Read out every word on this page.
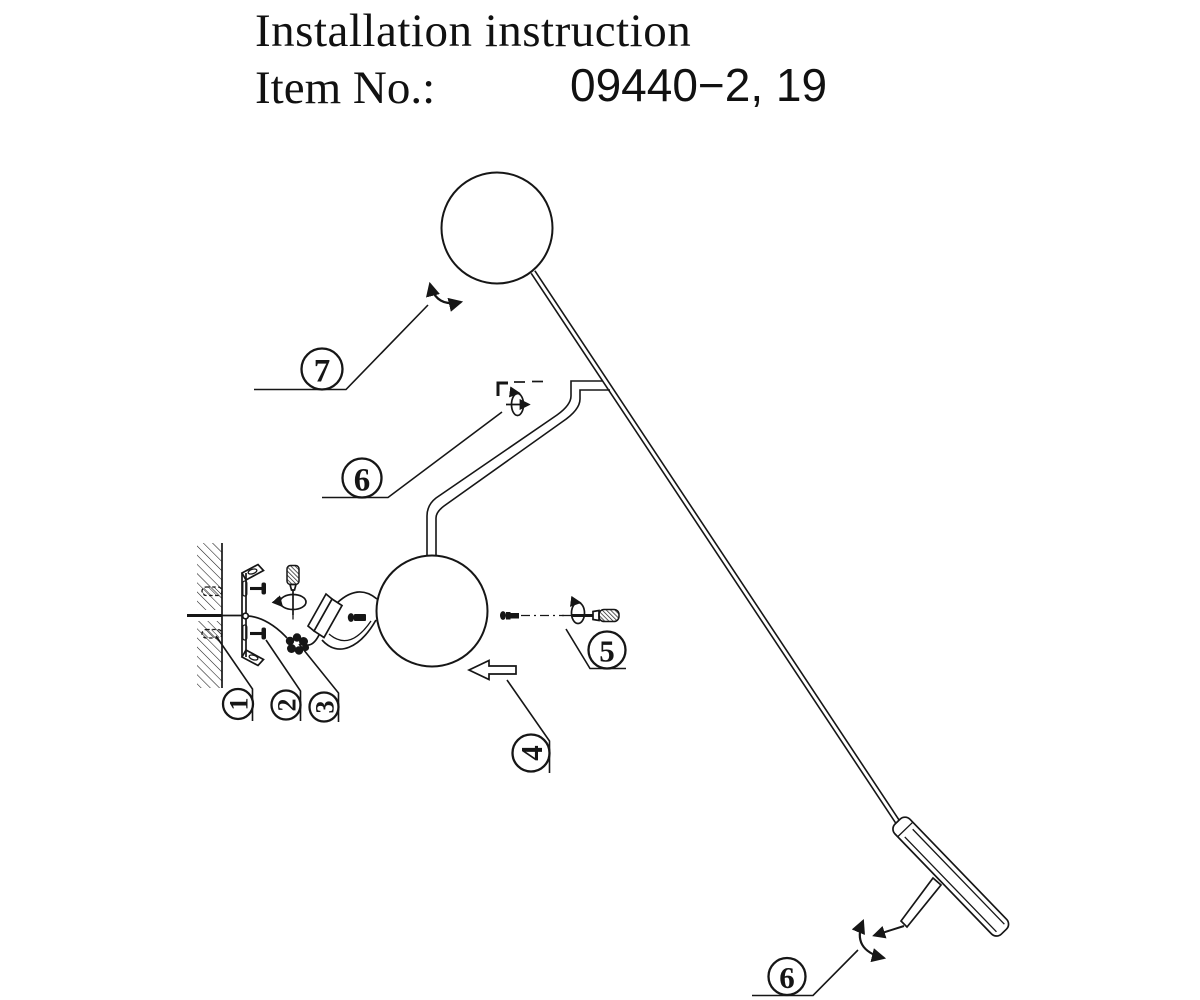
Installation instruction
Item No.:	09440−2, 19
1 2 3
4
5
6
7
6
